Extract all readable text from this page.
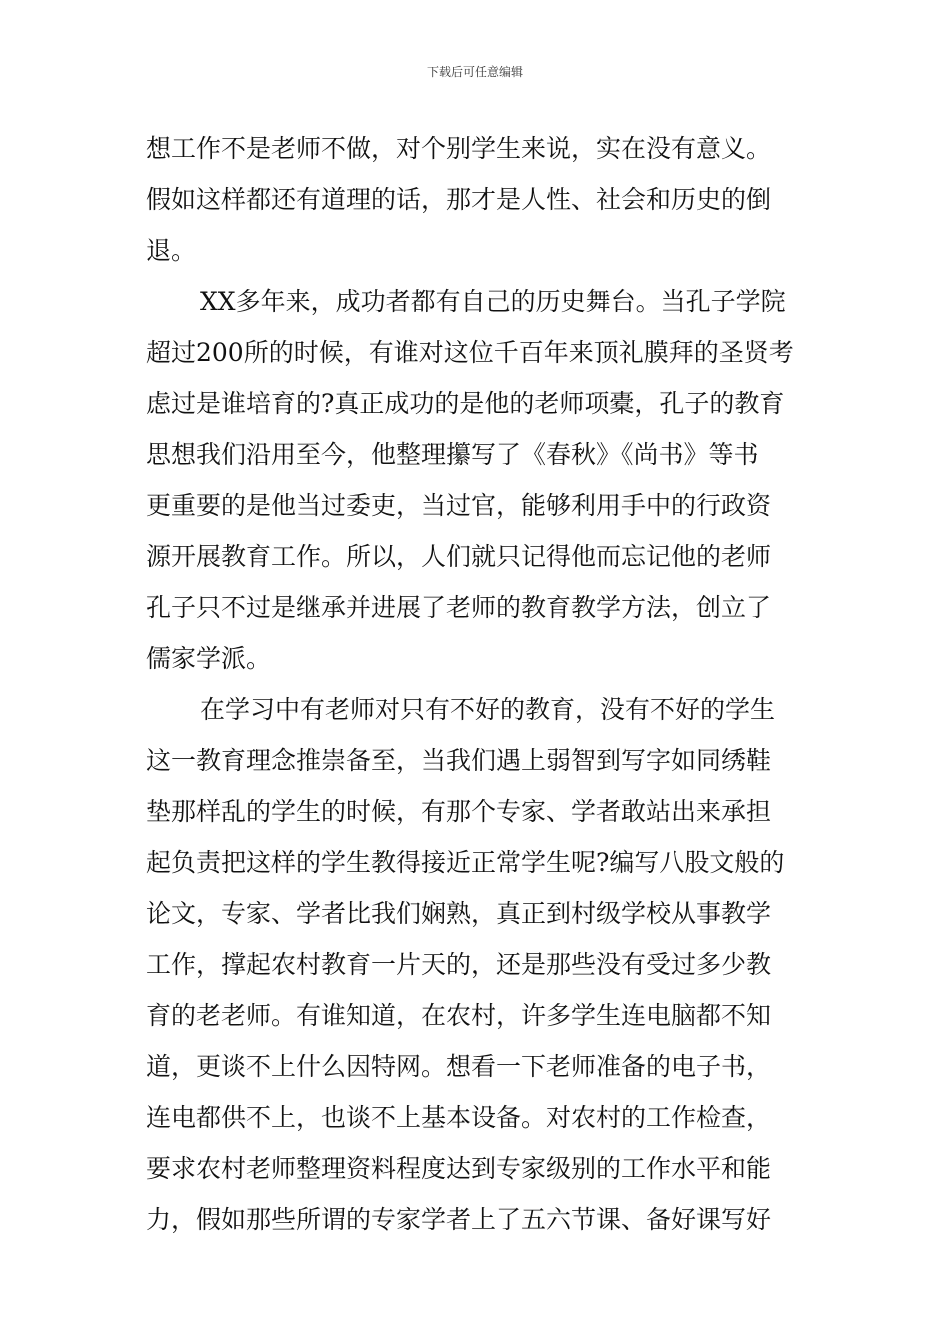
下载后可任意编辑
想工作不是老师不做，对个别学生来说，实在没有意义。
假如这样都还有道理的话，那才是人性、社会和历史的倒
退。
XX多年来，成功者都有自己的历史舞台。当孔子学院
超过200所的时候，有谁对这位千百年来顶礼膜拜的圣贤考
虑过是谁培育的?真正成功的是他的老师项橐，孔子的教育
思想我们沿用至今，他整理攥写了《春秋》《尚书》等书
更重要的是他当过委吏，当过官，能够利用手中的行政资
源开展教育工作。所以，人们就只记得他而忘记他的老师
孔子只不过是继承并进展了老师的教育教学方法，创立了
儒家学派。
在学习中有老师对只有不好的教育，没有不好的学生
这一教育理念推崇备至，当我们遇上弱智到写字如同绣鞋
垫那样乱的学生的时候，有那个专家、学者敢站出来承担
起负责把这样的学生教得接近正常学生呢?编写八股文般的
论文，专家、学者比我们娴熟，真正到村级学校从事教学
工作，撑起农村教育一片天的，还是那些没有受过多少教
育的老老师。有谁知道，在农村，许多学生连电脑都不知
道，更谈不上什么因特网。想看一下老师准备的电子书，
连电都供不上，也谈不上基本设备。对农村的工作检查，
要求农村老师整理资料程度达到专家级别的工作水平和能
力，假如那些所谓的专家学者上了五六节课、备好课写好
